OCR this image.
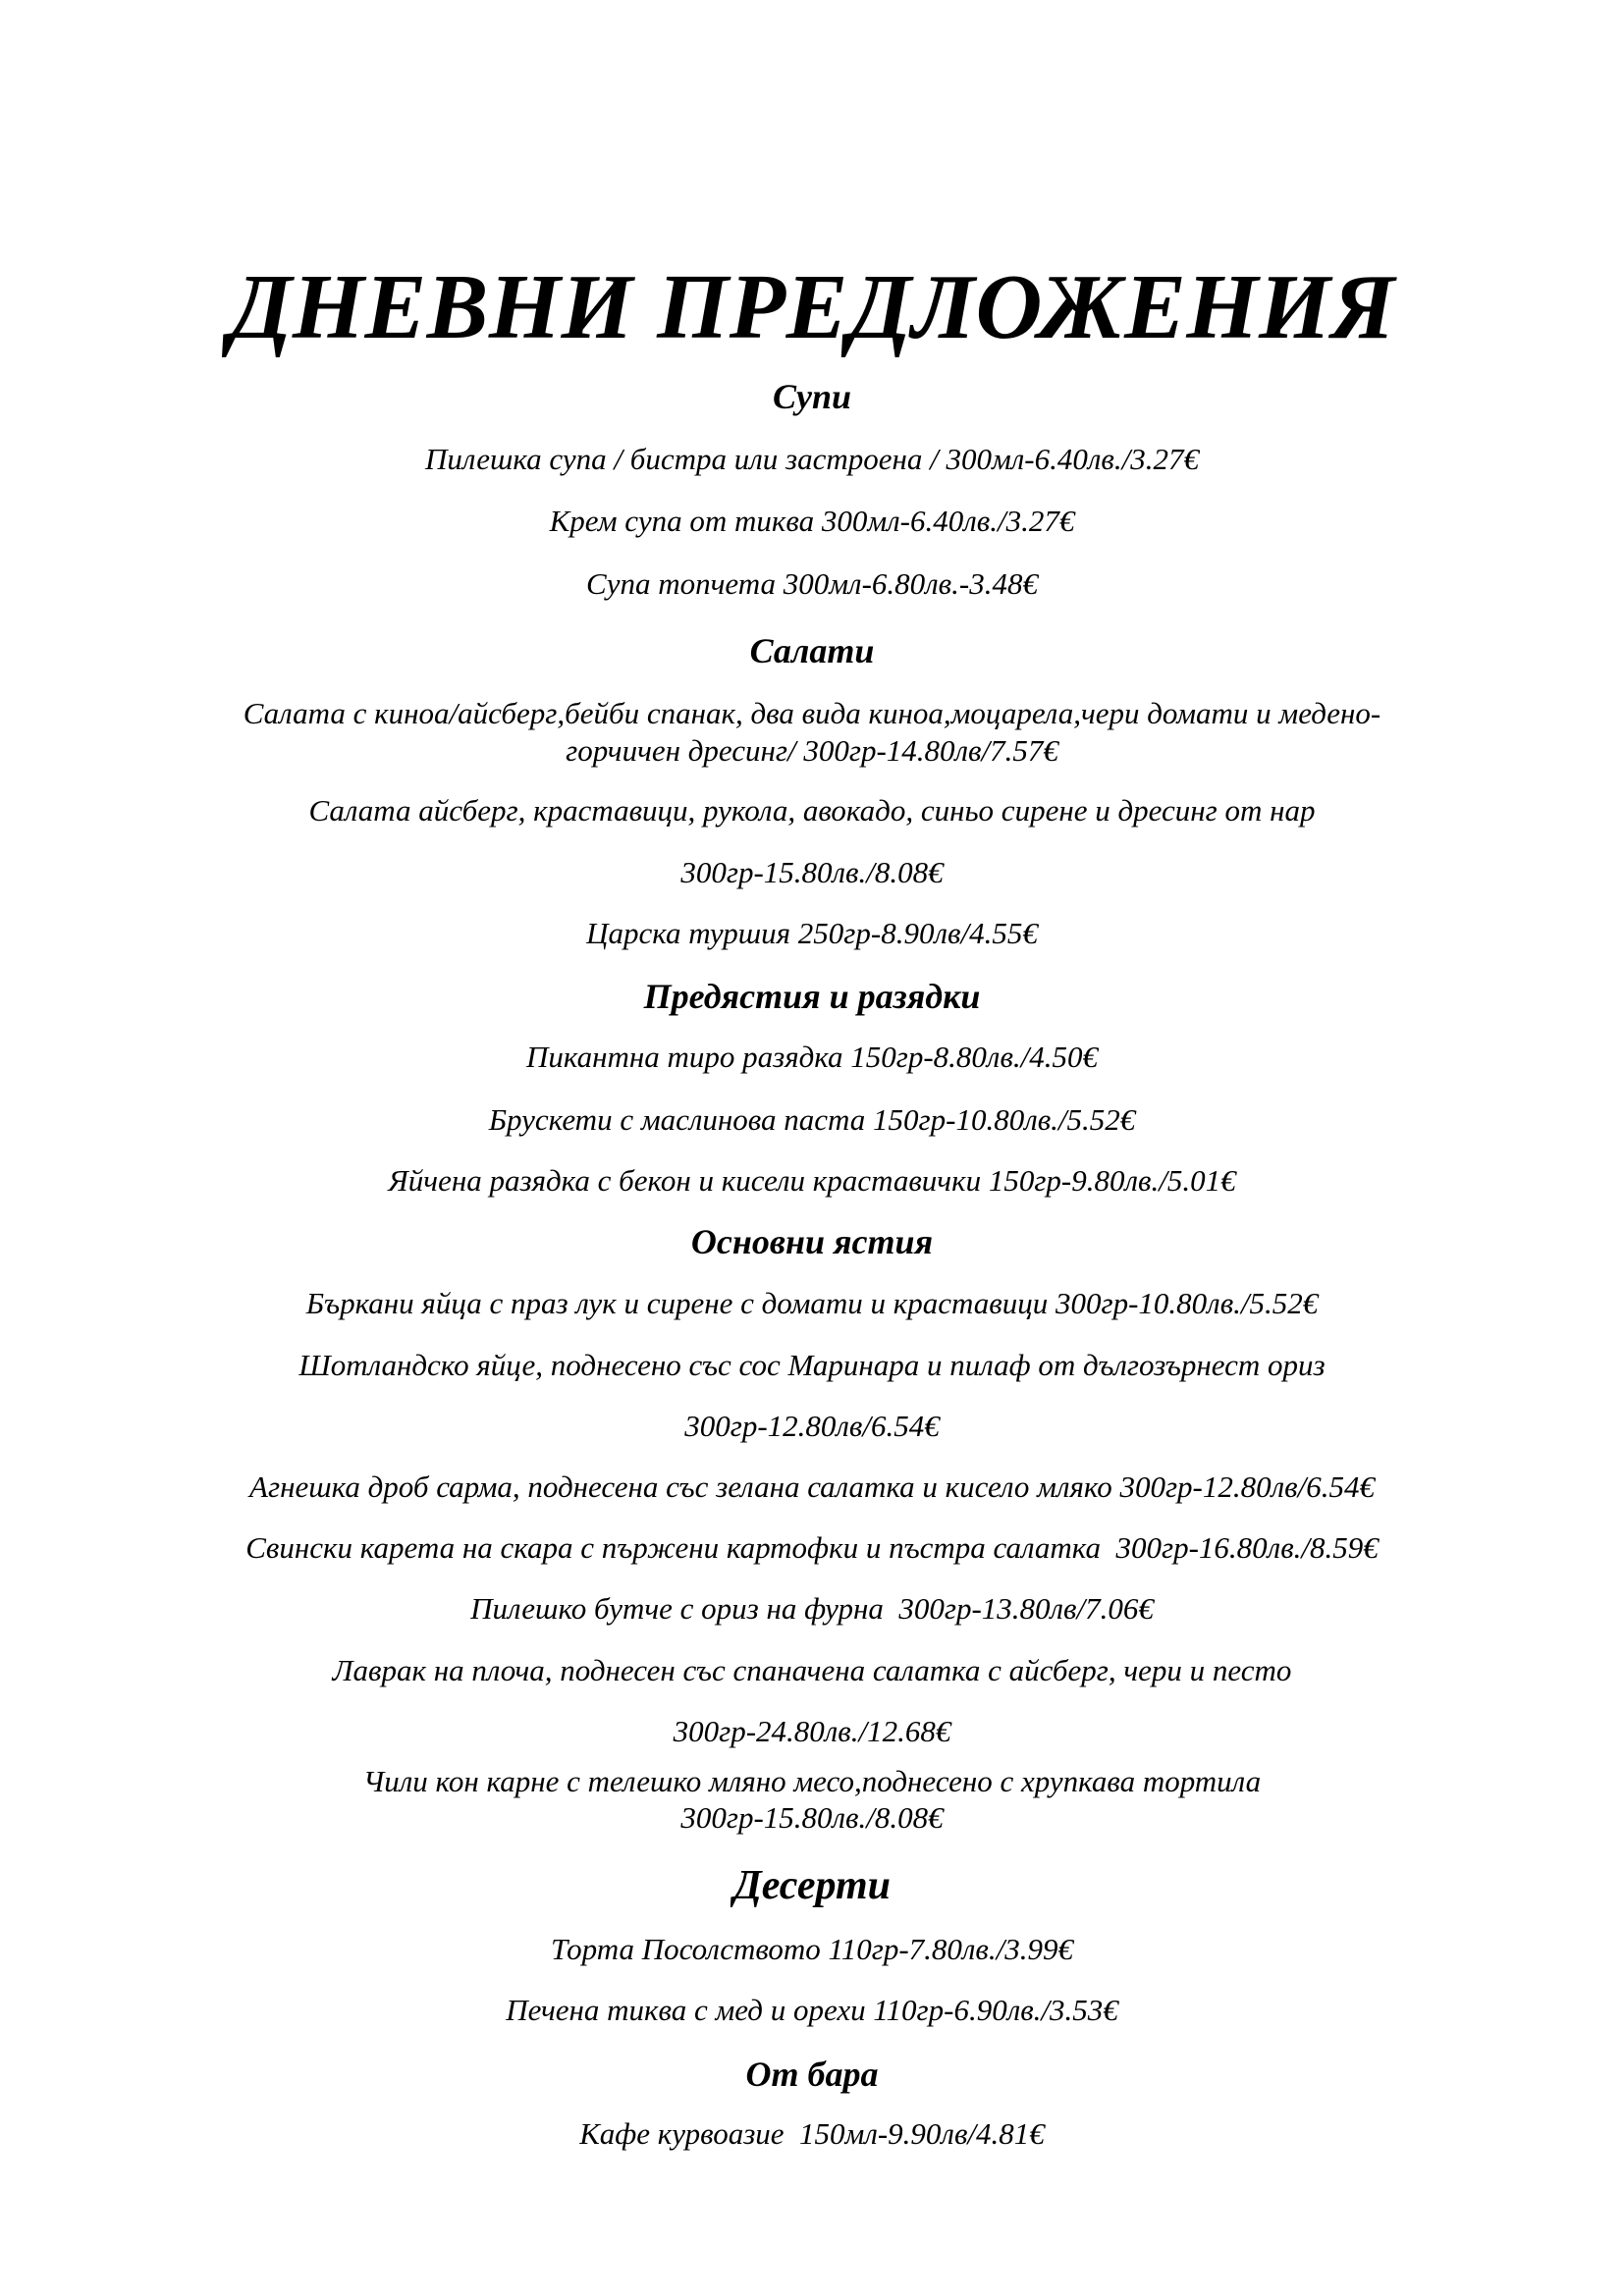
ДНЕВНИ ПРЕДЛОЖЕНИЯ
Супи

Пилешка супа / бистра или застроена / 300мл-6.40лв./3.27€

Крем супа от тиква 300мл-6.40лв./3.27€

Супа топчета 300мл-6.80лв.-3.48€

Салати

Салата с киноа/айсберг,бейби спанак, два вида киноа,моцарела,чери домати и медено-

горчичен дресинг/ 300гр-14.80лв/7.57€

Салата айсберг, краставици, рукола, авокадо, синьо сирене и дресинг от нар

300гр-15.80лв./8.08€

Царска туршия 250гр-8.90лв/4.55€

Предястия и разядки

Пикантна тиро разядка 150гр-8.80лв./4.50€

Брускети с маслинова паста 150гр-10.80лв./5.52€

Яйчена разядка с бекон и кисели краставички 150гр-9.80лв./5.01€

Основни ястия

Бъркани яйца с праз лук и сирене с домати и краставици 300гр-10.80лв./5.52€

Шотландско яйце, поднесено със сос Маринара и пилаф от дългозърнест ориз

300гр-12.80лв/6.54€

Агнешка дроб сарма, поднесена със зелана салатка и кисело мляко 300гр-12.80лв/6.54€

Свински карета на скара с пържени картофки и пъстра салатка  300гр-16.80лв./8.59€

Пилешко бутче с ориз на фурна  300гр-13.80лв/7.06€

Лаврак на плоча, поднесен със спаначена салатка с айсберг, чери и песто

300гр-24.80лв./12.68€

Чили кон карне с телешко мляно месо,поднесено с хрупкава тортила

300гр-15.80лв./8.08€

Десерти

Торта Посолството 110гр-7.80лв./3.99€

Печена тиква с мед и орехи 110гр-6.90лв./3.53€

От бара

Кафе курвоазие  150мл-9.90лв/4.81€
